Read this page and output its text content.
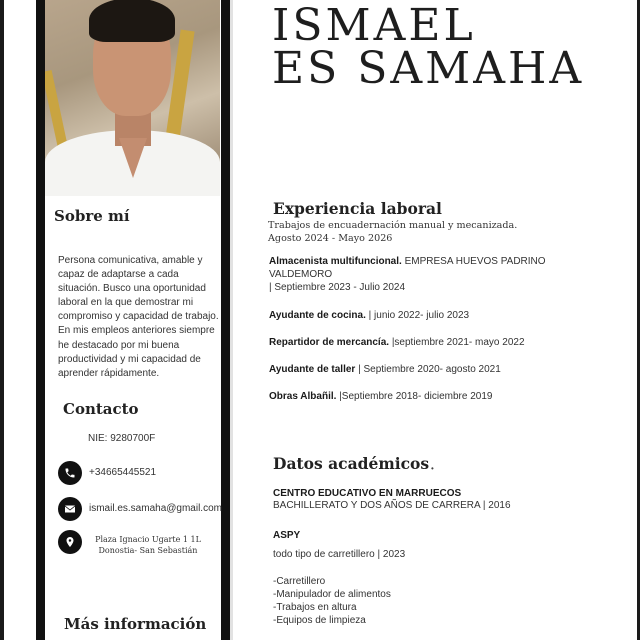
Sobre mí
Persona comunicativa, amable y capaz de adaptarse a cada situación. Busco una oportunidad laboral en la que demostrar mi compromiso y capacidad de trabajo. En mis empleos anteriores siempre he destacado por mi buena productividad y mi capacidad de aprender rápidamente.
Contacto
NIE: 9280700F
+34665445521
ismail.es.samaha@gmail.com
Plaza Ignacio Ugarte 1 1L
Donostia- San Sebastián
Más información
ISMAEL
ES SAMAHA
Experiencia laboral
Trabajos de encuadernación manual y mecanizada.
Agosto 2024 - Mayo 2026
Almacenista multifuncional. EMPRESA HUEVOS PADRINO VALDEMORO
| Septiembre 2023 - Julio 2024
Ayudante de cocina. | junio 2022- julio 2023
Repartidor de mercancía. |septiembre 2021- mayo 2022
Ayudante de taller | Septiembre 2020- agosto 2021
Obras Albañil. |Septiembre 2018- diciembre 2019
Datos académicos •
CENTRO EDUCATIVO EN MARRUECOS
BACHILLERATO Y DOS AÑOS DE CARRERA | 2016
ASPY
todo tipo de carretillero | 2023
-Carretillero
-Manipulador de alimentos
-Trabajos en altura
-Equipos de limpieza
